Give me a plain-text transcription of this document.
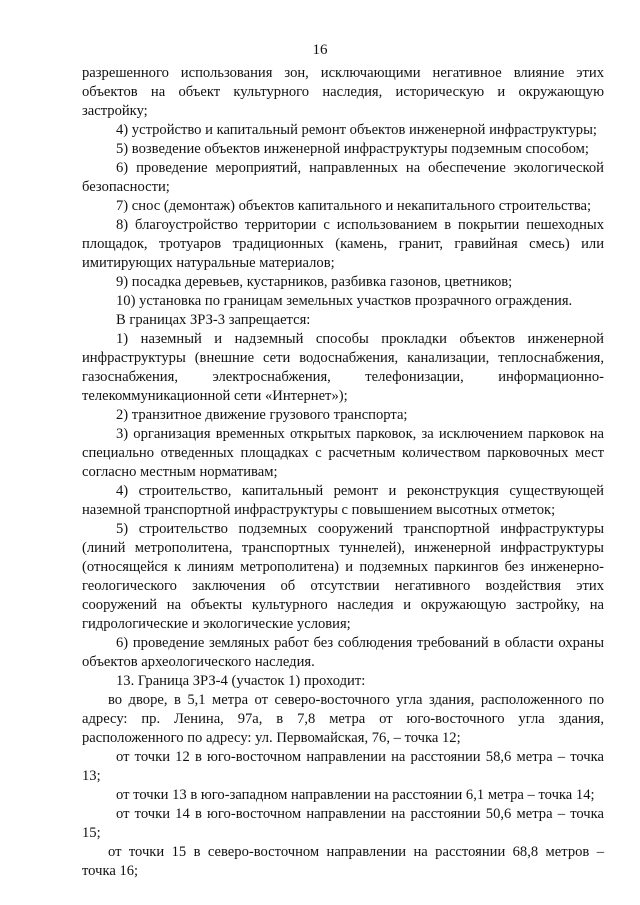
16

разрешенного использования зон, исключающими негативное влияние этих объектов на объект культурного наследия, историческую и окружающую застройку;

4) устройство и капитальный ремонт объектов инженерной инфраструктуры;

5) возведение объектов инженерной инфраструктуры подземным способом;

6) проведение мероприятий, направленных на обеспечение экологической безопасности;

7) снос (демонтаж) объектов капитального и некапитального строительства;

8) благоустройство территории с использованием в покрытии пешеходных площадок, тротуаров традиционных (камень, гранит, гравийная смесь) или имитирующих натуральные материалов;

9) посадка деревьев, кустарников, разбивка газонов, цветников;

10) установка по границам земельных участков прозрачного ограждения.

В границах ЗРЗ-3 запрещается:

1) наземный и надземный способы прокладки объектов инженерной инфраструктуры (внешние сети водоснабжения, канализации, теплоснабжения, газоснабжения, электроснабжения, телефонизации, информационно-телекоммуникационной сети «Интернет»);

2) транзитное движение грузового транспорта;

3) организация временных открытых парковок, за исключением парковок на специально отведенных площадках с расчетным количеством парковочных мест согласно местным нормативам;

4) строительство, капитальный ремонт и реконструкция существующей наземной транспортной инфраструктуры с повышением высотных отметок;

5) строительство подземных сооружений транспортной инфраструктуры (линий метрополитена, транспортных туннелей), инженерной инфраструктуры (относящейся к линиям метрополитена) и подземных паркингов без инженерно-геологического заключения об отсутствии негативного воздействия этих сооружений на объекты культурного наследия и окружающую застройку, на гидрологические и экологические условия;

6) проведение земляных работ без соблюдения требований в области охраны объектов археологического наследия.

13. Граница ЗРЗ-4 (участок 1) проходит:

во дворе, в 5,1 метра от северо-восточного угла здания, расположенного по адресу: пр. Ленина, 97а, в 7,8 метра от юго-восточного угла здания, расположенного по адресу: ул. Первомайская, 76, – точка 12;

от точки 12 в юго-восточном направлении на расстоянии 58,6 метра – точка 13;

от точки 13 в юго-западном направлении на расстоянии 6,1 метра – точка 14;

от точки 14 в юго-восточном направлении на расстоянии 50,6 метра – точка 15;

от точки 15 в северо-восточном направлении на расстоянии 68,8 метров – точка 16;
